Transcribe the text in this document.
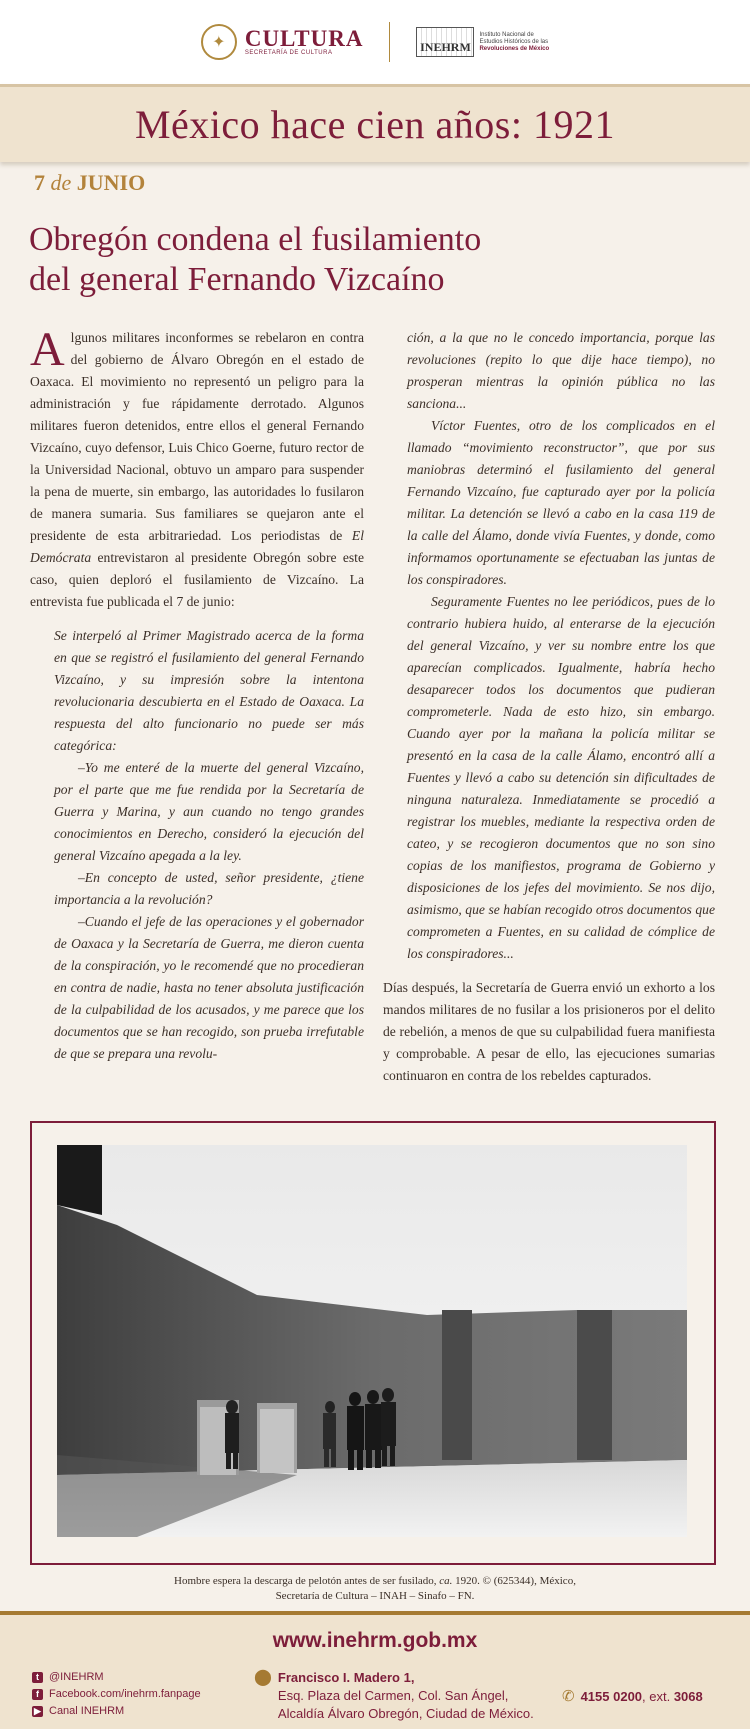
✦ CULTURA
SECRETARÍA DE CULTURA	INEHRM
Instituto Nacional de
Estudios Históricos de las
Revoluciones de México
México hace cien años: 1921
7 de JUNIO
Obregón condena el fusilamiento
del general Fernando Vizcaíno

Algunos militares inconformes se rebelaron en contra del gobierno de Álvaro Obregón en el estado de Oaxaca. El movimiento no representó un peligro para la administración y fue rápidamente derrotado. Algunos militares fueron detenidos, entre ellos el general Fernando Vizcaíno, cuyo defensor, Luis Chico Goerne, futuro rector de la Universidad Nacional, obtuvo un amparo para suspender la pena de muerte, sin embargo, las autoridades lo fusilaron de manera sumaria. Sus familiares se quejaron ante el presidente de esta arbitrariedad. Los periodistas de El Demócrata entrevistaron al presidente Obregón sobre este caso, quien deploró el fusilamiento de Vizcaíno. La entrevista fue publicada el 7 de junio:

Se interpeló al Primer Magistrado acerca de la forma en que se registró el fusilamiento del general Fernando Vizcaíno, y su impresión sobre la intentona revolucionaria descubierta en el Estado de Oaxaca. La respuesta del alto funcionario no puede ser más categórica:

–Yo me enteré de la muerte del general Vizcaíno, por el parte que me fue rendida por la Secretaría de Guerra y Marina, y aun cuando no tengo grandes conocimientos en Derecho, consideró la ejecución del general Vizcaíno apegada a la ley.

–En concepto de usted, señor presidente, ¿tiene importancia a la revolución?

–Cuando el jefe de las operaciones y el gobernador de Oaxaca y la Secretaría de Guerra, me dieron cuenta de la conspiración, yo le recomendé que no procedieran en contra de nadie, hasta no tener absoluta justificación de la culpabilidad de los acusados, y me parece que los documentos que se han recogido, son prueba irrefutable de que se prepara una revolu-

ción, a la que no le concedo importancia, porque las revoluciones (repito lo que dije hace tiempo), no prosperan mientras la opinión pública no las sanciona...

Víctor Fuentes, otro de los complicados en el llamado “movimiento reconstructor”, que por sus maniobras determinó el fusilamiento del general Fernando Vizcaíno, fue capturado ayer por la policía militar. La detención se llevó a cabo en la casa 119 de la calle del Álamo, donde vivía Fuentes, y donde, como informamos oportunamente se efectuaban las juntas de los conspiradores.

Seguramente Fuentes no lee periódicos, pues de lo contrario hubiera huido, al enterarse de la ejecución del general Vizcaíno, y ver su nombre entre los que aparecían complicados. Igualmente, habría hecho desaparecer todos los documentos que pudieran comprometerle. Nada de esto hizo, sin embargo. Cuando ayer por la mañana la policía militar se presentó en la casa de la calle Álamo, encontró allí a Fuentes y llevó a cabo su detención sin dificultades de ninguna naturaleza. Inmediatamente se procedió a registrar los muebles, mediante la respectiva orden de cateo, y se recogieron documentos que no son sino copias de los manifiestos, programa de Gobierno y disposiciones de los jefes del movimiento. Se nos dijo, asimismo, que se habían recogido otros documentos que comprometen a Fuentes, en su calidad de cómplice de los conspiradores...

Días después, la Secretaría de Guerra envió un exhorto a los mandos militares de no fusilar a los prisioneros por el delito de rebelión, a menos de que su culpabilidad fuera manifiesta y comprobable. A pesar de ello, las ejecuciones sumarias continuaron en contra de los rebeldes capturados.

Hombre espera la descarga de pelotón antes de ser fusilado, ca. 1920. © (625344), México,
Secretaría de Cultura – INAH – Sinafo – FN.
www.inehrm.gob.mx
t @INEHRM
f Facebook.com/inehrm.fanpage
▶ Canal INEHRM
⬤ Francisco I. Madero 1,
Esq. Plaza del Carmen, Col. San Ángel,
Alcaldía Álvaro Obregón, Ciudad de México.
✆ 4155 0200, ext. 3068
